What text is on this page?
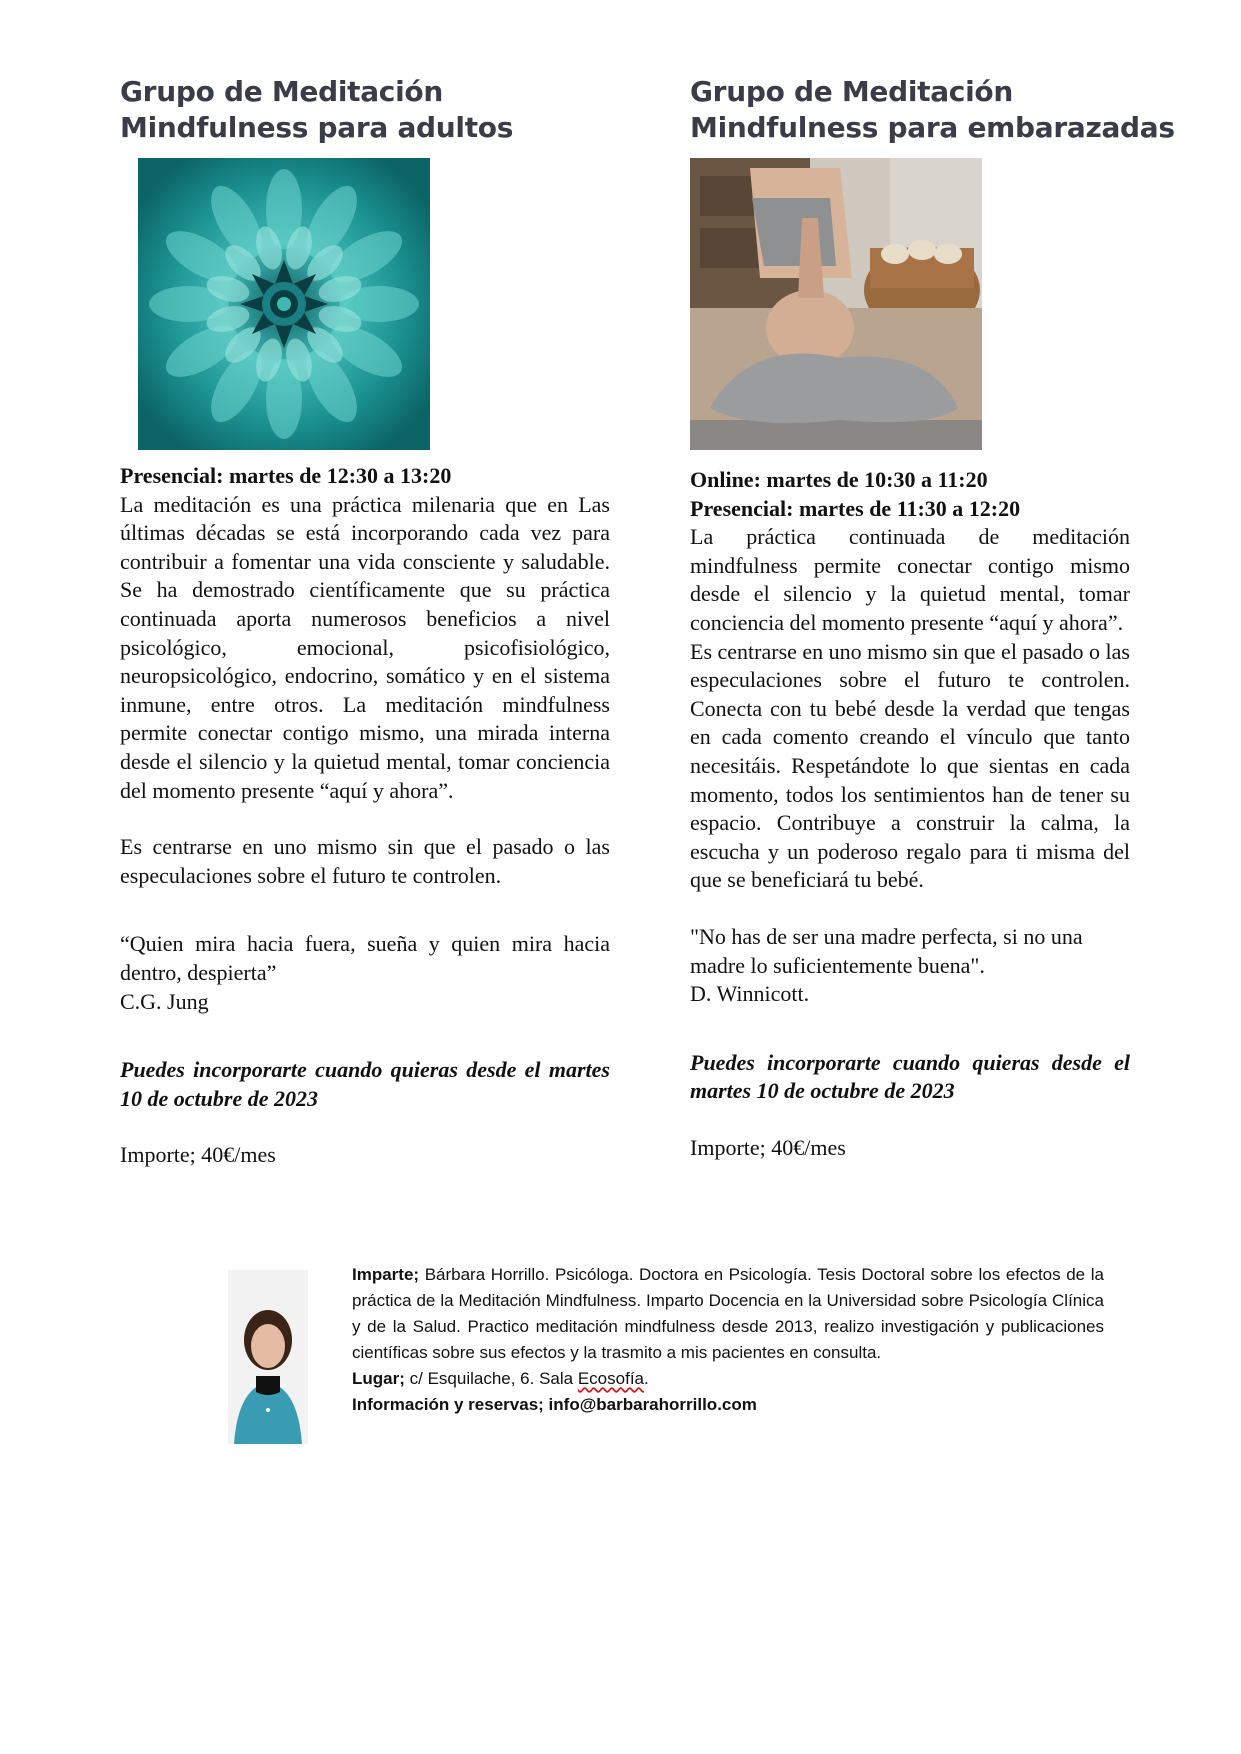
Grupo de Meditación
Mindfulness para adultos
Presencial: martes de 12:30 a 13:20
La meditación es una práctica milenaria que en Las últimas décadas se está incorporando cada vez para contribuir a fomentar una vida consciente y saludable. Se ha demostrado científicamente que su práctica continuada aporta numerosos beneficios a nivel psicológico, emocional, psicofisiológico, neuropsicológico, endocrino, somático y en el sistema inmune, entre otros. La meditación mindfulness permite conectar contigo mismo, una mirada interna desde el silencio y la quietud mental, tomar conciencia del momento presente “aquí y ahora”.
Es centrarse en uno mismo sin que el pasado o las especulaciones sobre el futuro te controlen.
“Quien mira hacia fuera, sueña y quien mira hacia dentro, despierta”
C.G. Jung
Puedes incorporarte cuando quieras desde el martes 10 de octubre de 2023
Importe; 40€/mes
Grupo de Meditación
Mindfulness para embarazadas
Online: martes de 10:30 a 11:20
Presencial: martes de 11:30 a 12:20
La práctica continuada de meditación mindfulness permite conectar contigo mismo desde el silencio y la quietud mental, tomar conciencia del momento presente “aquí y ahora”.
Es centrarse en uno mismo sin que el pasado o las especulaciones sobre el futuro te controlen. Conecta con tu bebé desde la verdad que tengas en cada comento creando el vínculo que tanto necesitáis. Respetándote lo que sientas en cada momento, todos los sentimientos han de tener su espacio. Contribuye a construir la calma, la escucha y un poderoso regalo para ti misma del que se beneficiará tu bebé.
"No has de ser una madre perfecta, si no una madre lo suficientemente buena".
D. Winnicott.
Puedes incorporarte cuando quieras desde el martes 10 de octubre de 2023
Importe; 40€/mes
Imparte; Bárbara Horrillo. Psicóloga. Doctora en Psicología. Tesis Doctoral sobre los efectos de la práctica de la Meditación Mindfulness. Imparto Docencia en la Universidad sobre Psicología Clínica y de la Salud. Practico meditación mindfulness desde 2013, realizo investigación y publicaciones científicas sobre sus efectos y la trasmito a mis pacientes en consulta.
Lugar; c/ Esquilache, 6. Sala Ecosofía.
Información y reservas; info@barbarahorrillo.com
